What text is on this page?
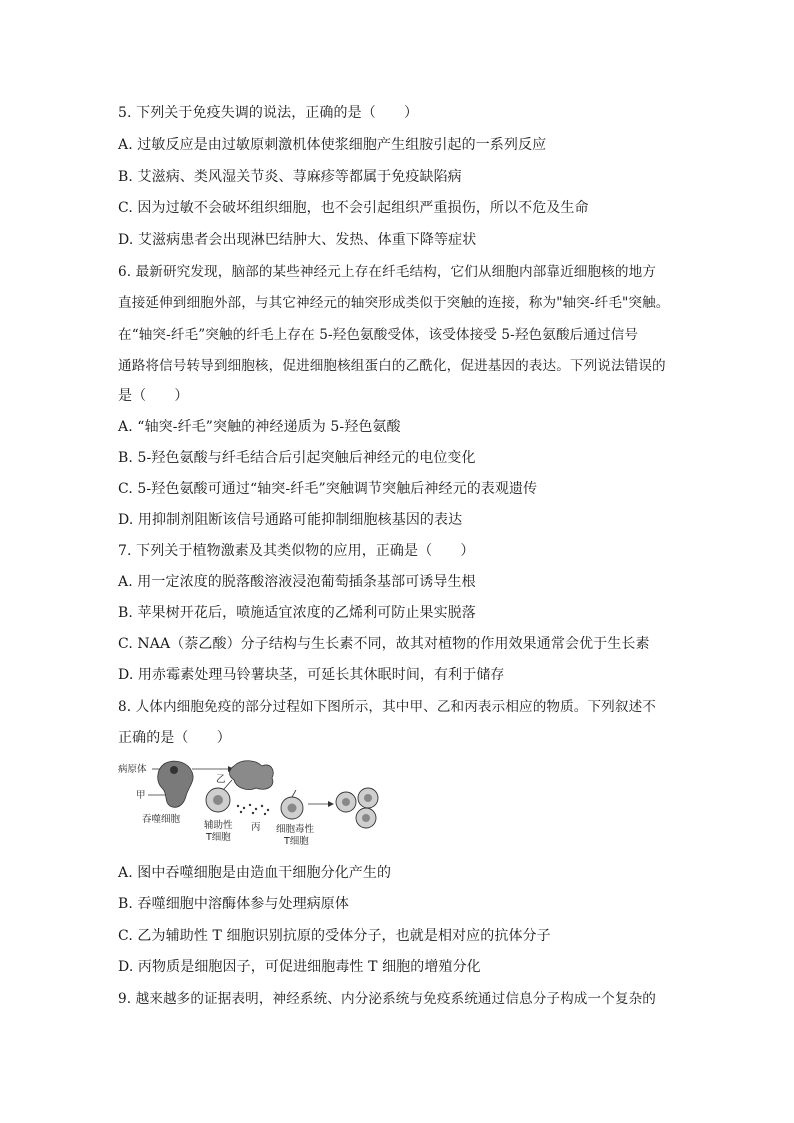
5. 下列关于免疫失调的说法，正确的是（　　）
A. 过敏反应是由过敏原刺激机体使浆细胞产生组胺引起的一系列反应
B. 艾滋病、类风湿关节炎、荨麻疹等都属于免疫缺陷病
C. 因为过敏不会破坏组织细胞，也不会引起组织严重损伤，所以不危及生命
D. 艾滋病患者会出现淋巴结肿大、发热、体重下降等症状
6. 最新研究发现，脑部的某些神经元上存在纤毛结构，它们从细胞内部靠近细胞核的地方
直接延伸到细胞外部，与其它神经元的轴突形成类似于突触的连接，称为"轴突-纤毛"突触。
在“轴突-纤毛”突触的纤毛上存在 5-羟色氨酸受体，该受体接受 5-羟色氨酸后通过信号
通路将信号转导到细胞核，促进细胞核组蛋白的乙酰化，促进基因的表达。下列说法错误的
是（　　）
A. “轴突-纤毛”突触的神经递质为 5-羟色氨酸
B. 5-羟色氨酸与纤毛结合后引起突触后神经元的电位变化
C. 5-羟色氨酸可通过“轴突-纤毛”突触调节突触后神经元的表观遗传
D. 用抑制剂阻断该信号通路可能抑制细胞核基因的表达
7. 下列关于植物激素及其类似物的应用，正确是（　　）
A. 用一定浓度的脱落酸溶液浸泡葡萄插条基部可诱导生根
B. 苹果树开花后，喷施适宜浓度的乙烯利可防止果实脱落
C. NAA（萘乙酸）分子结构与生长素不同，故其对植物的作用效果通常会优于生长素
D. 用赤霉素处理马铃薯块茎，可延长其休眠时间，有利于储存
8. 人体内细胞免疫的部分过程如下图所示，其中甲、乙和丙表示相应的物质。下列叙述不
正确的是（　　）
病原体
甲
吞噬细胞
乙
辅助性
T细胞
丙 细胞毒性
T细胞
A. 图中吞噬细胞是由造血干细胞分化产生的
B. 吞噬细胞中溶酶体参与处理病原体
C. 乙为辅助性 T 细胞识别抗原的受体分子，也就是相对应的抗体分子
D. 丙物质是细胞因子，可促进细胞毒性 T 细胞的增殖分化
9. 越来越多的证据表明，神经系统、内分泌系统与免疫系统通过信息分子构成一个复杂的
